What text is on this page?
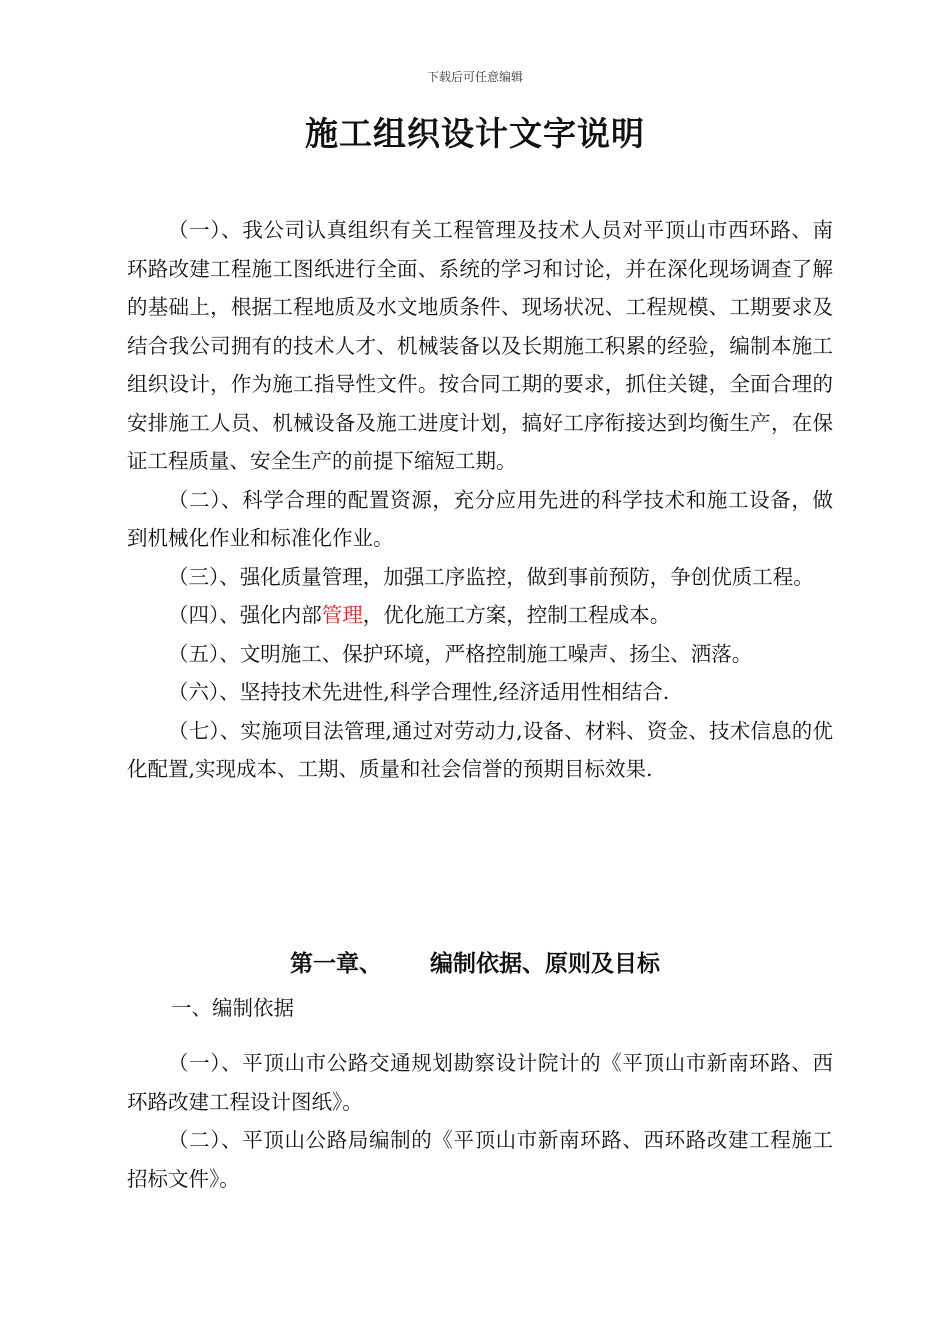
下载后可任意编辑
施工组织设计文字说明

（一）、我公司认真组织有关工程管理及技术人员对平顶山市西环路、南环路改建工程施工图纸进行全面、系统的学习和讨论，并在深化现场调查了解的基础上，根据工程地质及水文地质条件、现场状况、工程规模、工期要求及结合我公司拥有的技术人才、机械装备以及长期施工积累的经验，编制本施工组织设计，作为施工指导性文件。按合同工期的要求，抓住关键，全面合理的安排施工人员、机械设备及施工进度计划，搞好工序衔接达到均衡生产，在保证工程质量、安全生产的前提下缩短工期。

（二）、科学合理的配置资源，充分应用先进的科学技术和施工设备，做到机械化作业和标准化作业。

（三）、强化质量管理，加强工序监控，做到事前预防，争创优质工程。

（四）、强化内部管理，优化施工方案，控制工程成本。

（五）、文明施工、保护环境，严格控制施工噪声、扬尘、洒落。

（六）、坚持技术先进性,科学合理性,经济适用性相结合.

（七）、实施项目法管理,通过对劳动力,设备、材料、资金、技术信息的优化配置,实现成本、工期、质量和社会信誉的预期目标效果.

第一章、 编制依据、原则及目标
一、编制依据

（一）、平顶山市公路交通规划勘察设计院计的《平顶山市新南环路、西环路改建工程设计图纸》。

（二）、平顶山公路局编制的《平顶山市新南环路、西环路改建工程施工招标文件》。
